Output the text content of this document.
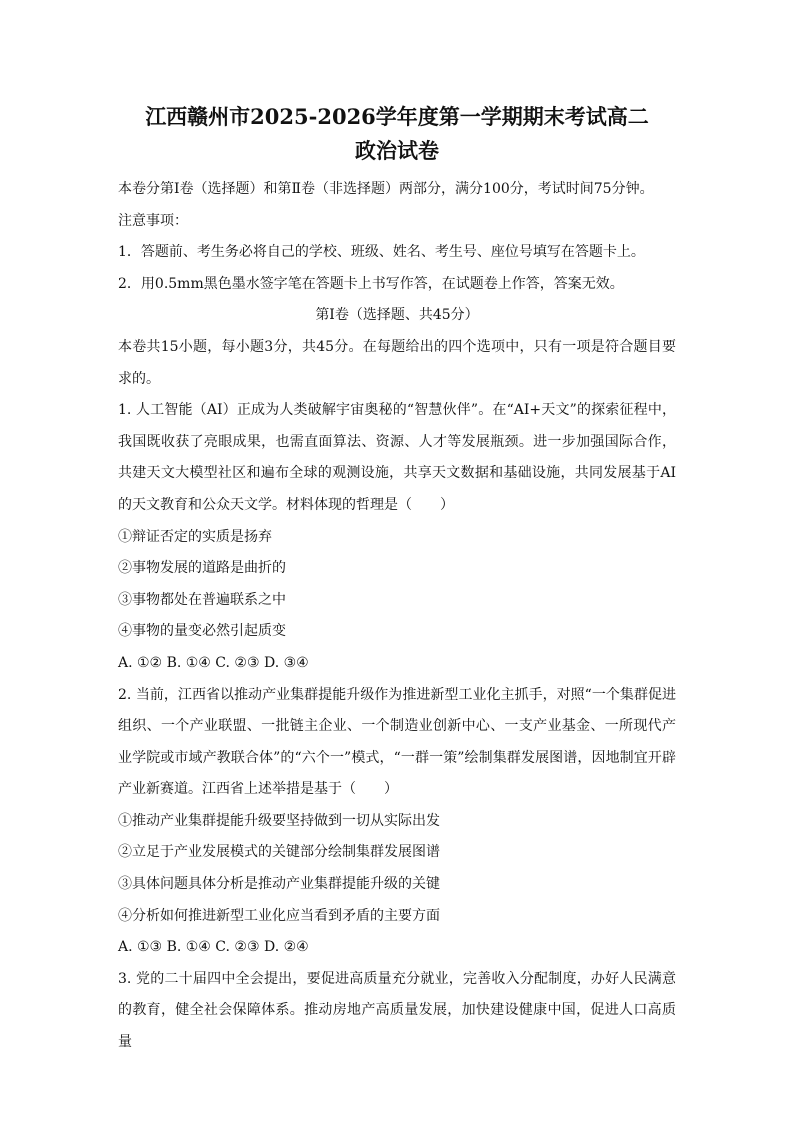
江西赣州市2025-2026学年度第一学期期末考试高二

政治试卷

本卷分第Ⅰ卷（选择题）和第Ⅱ卷（非选择题）两部分，满分100分，考试时间75分钟。

注意事项：

1．答题前、考生务必将自己的学校、班级、姓名、考生号、座位号填写在答题卡上。

2．用0.5mm黑色墨水签字笔在答题卡上书写作答，在试题卷上作答，答案无效。

第Ⅰ卷（选择题、共45分）

本卷共15小题，每小题3分，共45分。在每题给出的四个选项中，只有一项是符合题目要求的。

1. 人工智能（AI）正成为人类破解宇宙奥秘的“智慧伙伴”。在“AI+天文”的探索征程中，我国既收获了亮眼成果，也需直面算法、资源、人才等发展瓶颈。进一步加强国际合作，共建天文大模型社区和遍布全球的观测设施，共享天文数据和基础设施，共同发展基于AI的天文教育和公众天文学。材料体现的哲理是（　　）

①辩证否定的实质是扬弃

②事物发展的道路是曲折的

③事物都处在普遍联系之中

④事物的量变必然引起质变

A. ①② B. ①④ C. ②③ D. ③④

2. 当前，江西省以推动产业集群提能升级作为推进新型工业化主抓手，对照“一个集群促进组织、一个产业联盟、一批链主企业、一个制造业创新中心、一支产业基金、一所现代产业学院或市域产教联合体”的“六个一”模式，“一群一策”绘制集群发展图谱，因地制宜开辟产业新赛道。江西省上述举措是基于（　　）

①推动产业集群提能升级要坚持做到一切从实际出发

②立足于产业发展模式的关键部分绘制集群发展图谱

③具体问题具体分析是推动产业集群提能升级的关键

④分析如何推进新型工业化应当看到矛盾的主要方面

A. ①③ B. ①④ C. ②③ D. ②④

3. 党的二十届四中全会提出，要促进高质量充分就业，完善收入分配制度，办好人民满意的教育，健全社会保障体系。推动房地产高质量发展，加快建设健康中国，促进人口高质量
